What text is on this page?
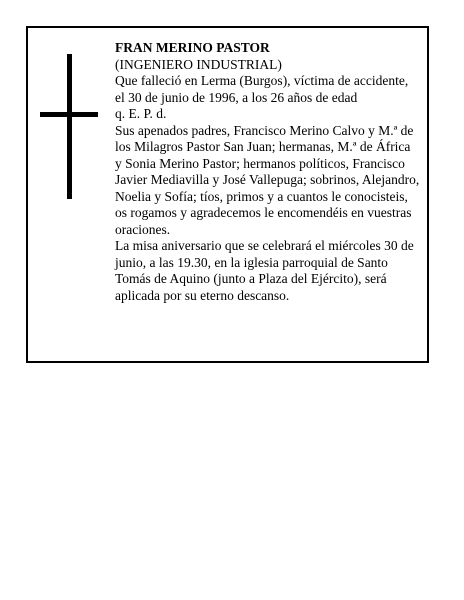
FRAN MERINO PASTOR

(INGENIERO INDUSTRIAL)

Que falleció en Lerma (Burgos), víctima de accidente, el 30 de junio de 1996, a los 26 años de edad

q. E. P. d.

Sus apenados padres, Francisco Merino Calvo y M.ª de los Milagros Pastor San Juan; hermanas, M.ª de África y Sonia Merino Pastor; hermanos políticos, Francisco Javier Mediavilla y José Vallepuga; sobrinos, Alejandro, Noelia y Sofía; tíos, primos y a cuantos le conocisteis, os rogamos y agradecemos le encomendéis en vuestras oraciones.

La misa aniversario que se celebrará el miércoles 30 de junio, a las 19.30, en la iglesia parroquial de Santo Tomás de Aquino (junto a Plaza del Ejército), será aplicada por su eterno descanso.
